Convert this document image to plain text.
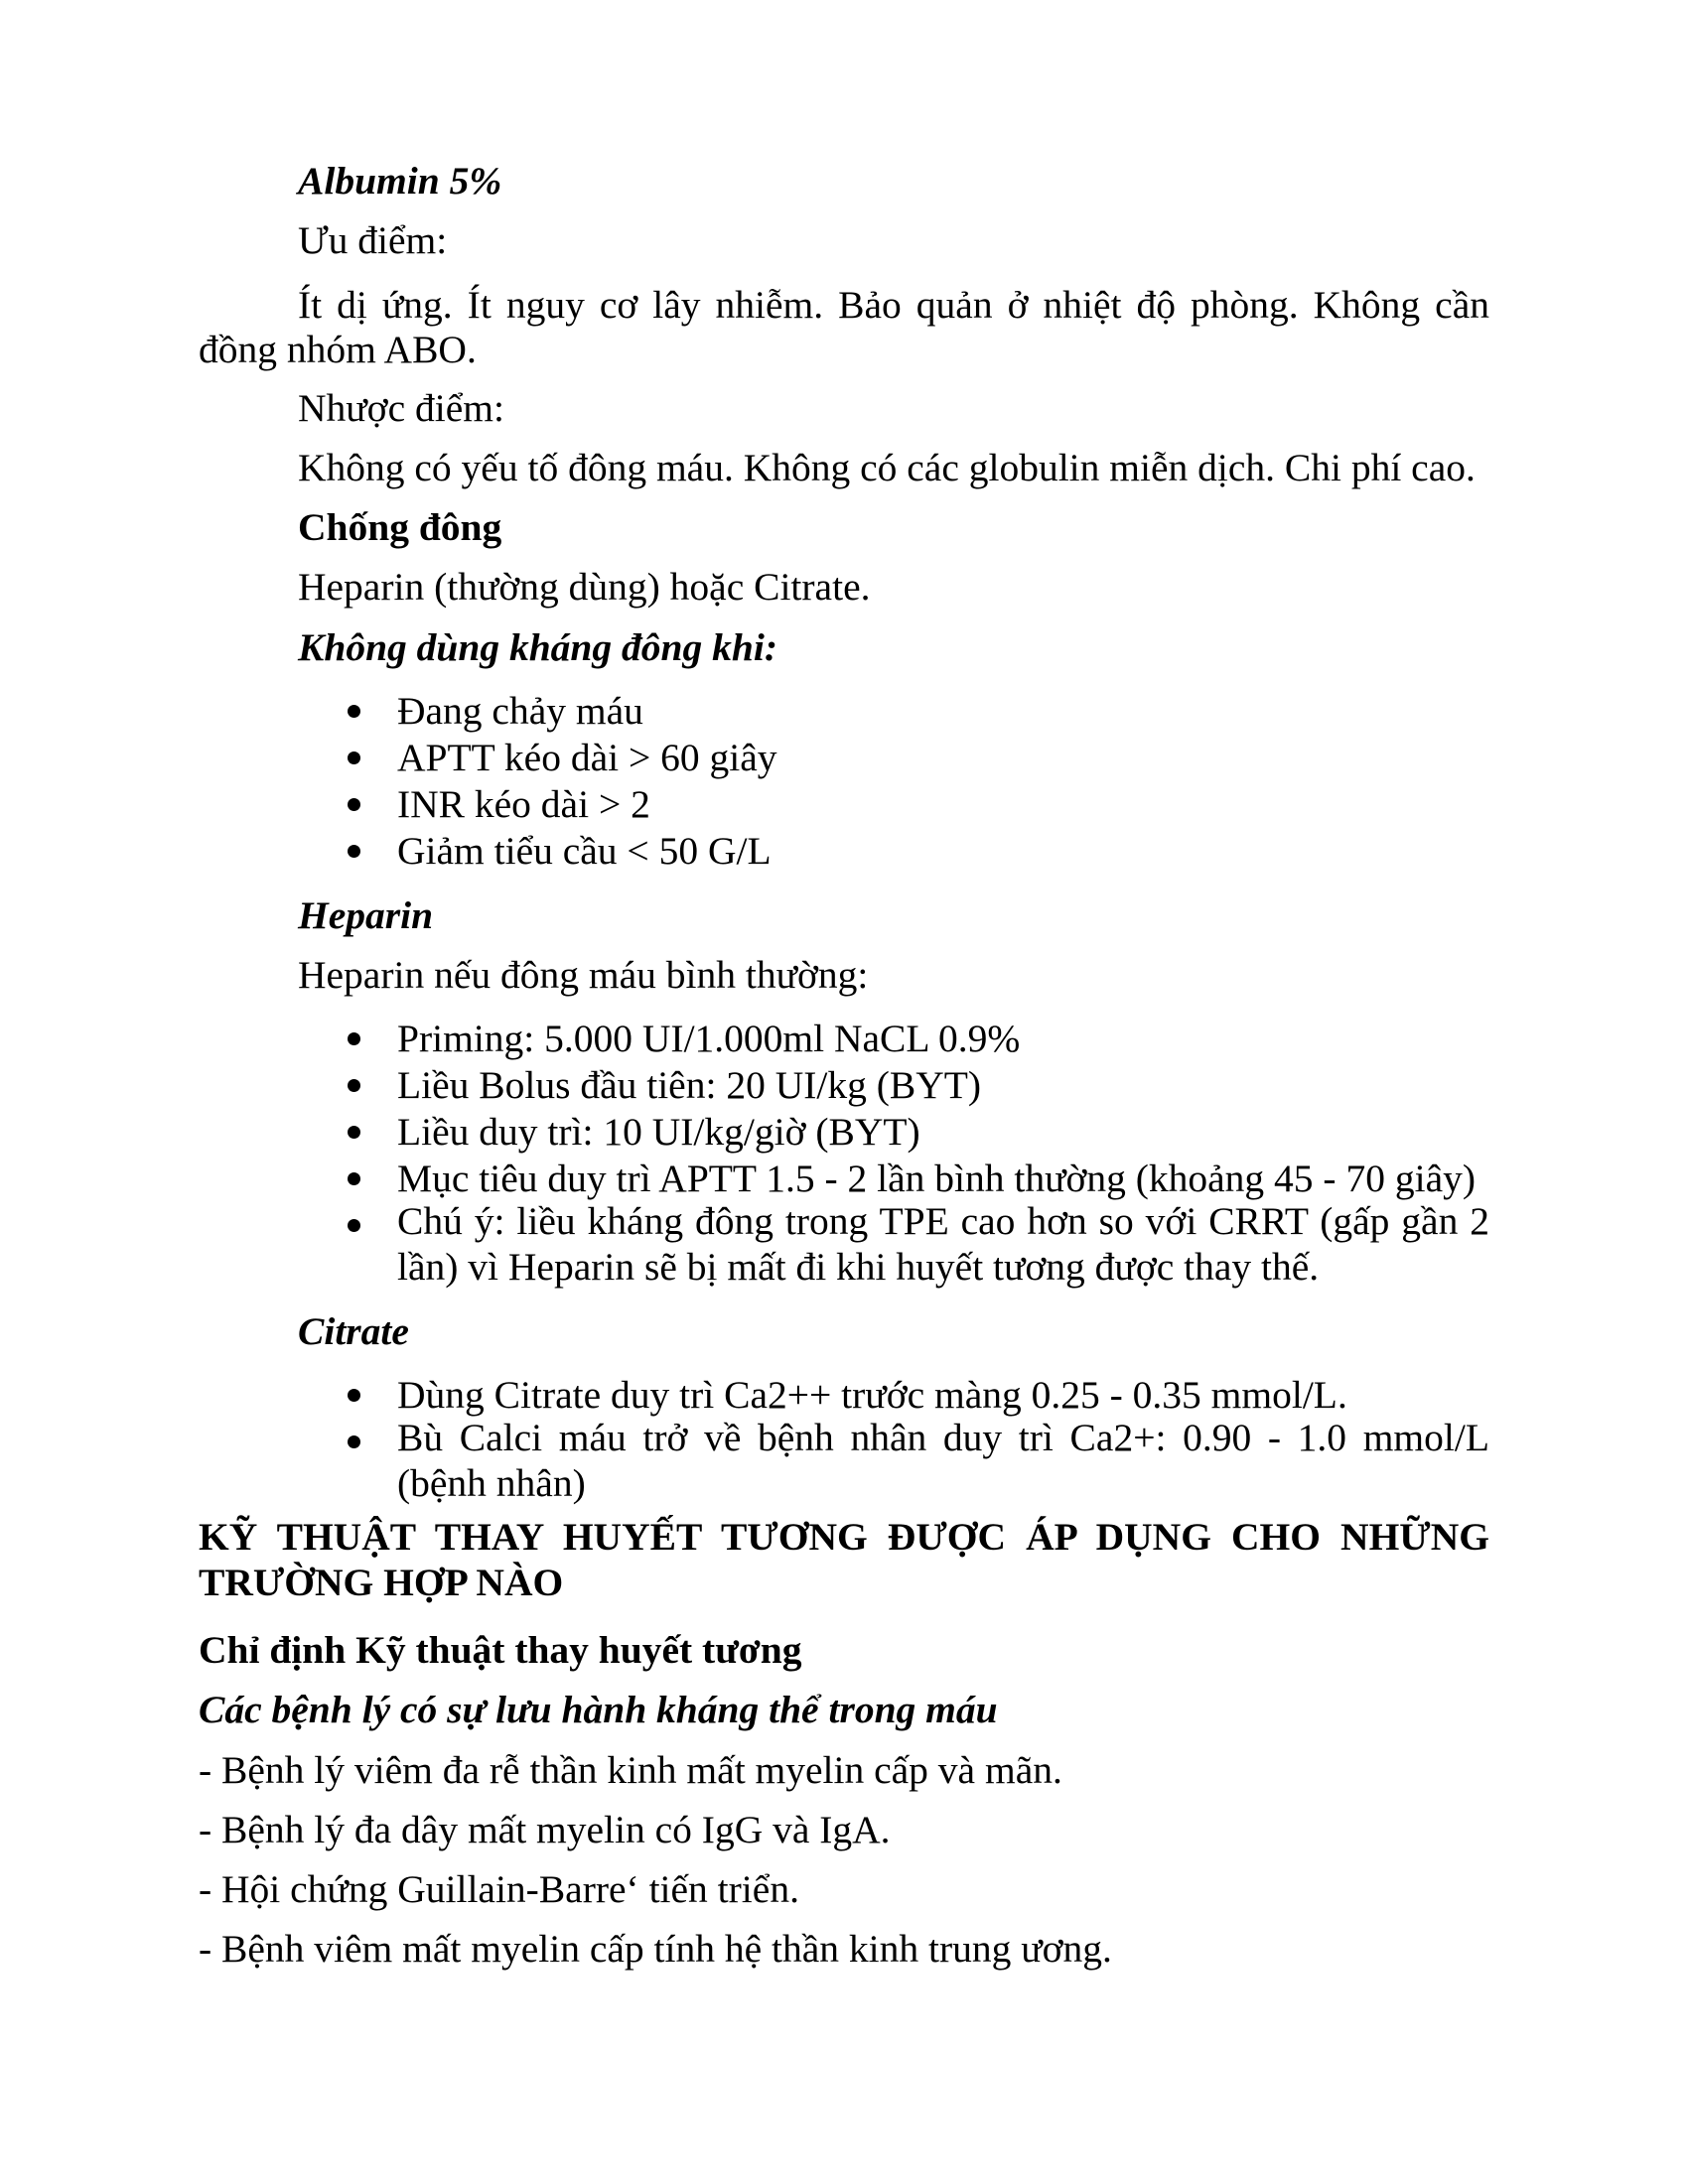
Albumin 5%
Ưu điểm:
Ít dị ứng. Ít nguy cơ lây nhiễm. Bảo quản ở nhiệt độ phòng. Không cần đồng nhóm ABO.
Nhược điểm:
Không có yếu tố đông máu. Không có các globulin miễn dịch. Chi phí cao.
Chống đông
Heparin (thường dùng) hoặc Citrate.
Không dùng kháng đông khi:
Đang chảy máu
APTT kéo dài > 60 giây
INR kéo dài > 2
Giảm tiểu cầu < 50 G/L
Heparin
Heparin nếu đông máu bình thường:
Priming: 5.000 UI/1.000ml NaCL 0.9%
Liều Bolus đầu tiên: 20 UI/kg (BYT)
Liều duy trì: 10 UI/kg/giờ (BYT)
Mục tiêu duy trì APTT 1.5 - 2 lần bình thường (khoảng 45 - 70 giây)
Chú ý: liều kháng đông trong TPE cao hơn so với CRRT (gấp gần 2 lần) vì Heparin sẽ bị mất đi khi huyết tương được thay thế.
Citrate
Dùng Citrate duy trì Ca2++ trước màng 0.25 - 0.35 mmol/L.
Bù Calci máu trở về bệnh nhân duy trì Ca2+: 0.90 - 1.0 mmol/L (bệnh nhân)
KỸ THUẬT THAY HUYẾT TƯƠNG ĐƯỢC ÁP DỤNG CHO NHỮNG TRƯỜNG HỢP NÀO
Chỉ định Kỹ thuật thay huyết tương
Các bệnh lý có sự lưu hành kháng thể trong máu
- Bệnh lý viêm đa rễ thần kinh mất myelin cấp và mãn.
- Bệnh lý đa dây mất myelin có IgG và IgA.
- Hội chứng Guillain-Barre‘ tiến triển.
- Bệnh viêm mất myelin cấp tính hệ thần kinh trung ương.
